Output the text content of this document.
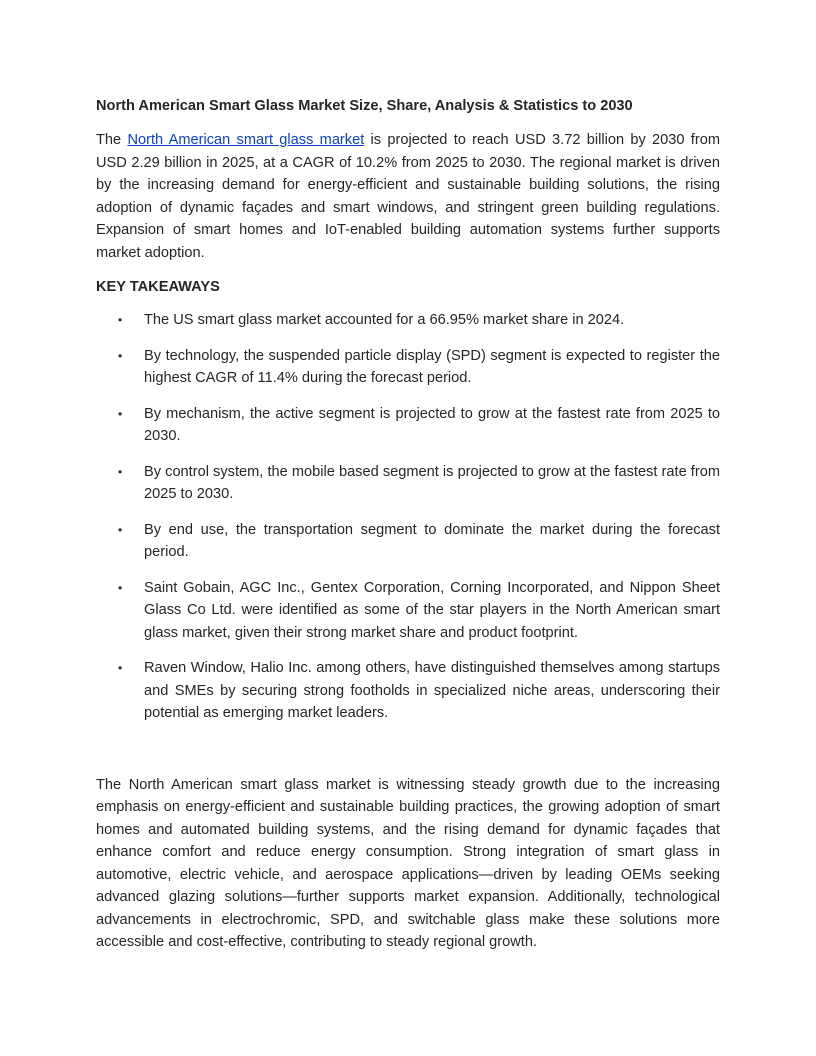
North American Smart Glass Market Size, Share, Analysis & Statistics to 2030

The North American smart glass market is projected to reach USD 3.72 billion by 2030 from USD 2.29 billion in 2025, at a CAGR of 10.2% from 2025 to 2030. The regional market is driven by the increasing demand for energy-efficient and sustainable building solutions, the rising adoption of dynamic façades and smart windows, and stringent green building regulations. Expansion of smart homes and IoT-enabled building automation systems further supports market adoption.

KEY TAKEAWAYS
• The US smart glass market accounted for a 66.95% market share in 2024.
• By technology, the suspended particle display (SPD) segment is expected to register the highest CAGR of 11.4% during the forecast period.
• By mechanism, the active segment is projected to grow at the fastest rate from 2025 to 2030.
• By control system, the mobile based segment is projected to grow at the fastest rate from 2025 to 2030.
• By end use, the transportation segment to dominate the market during the forecast period.
• Saint Gobain, AGC Inc., Gentex Corporation, Corning Incorporated, and Nippon Sheet Glass Co Ltd. were identified as some of the star players in the North American smart glass market, given their strong market share and product footprint.
• Raven Window, Halio Inc. among others, have distinguished themselves among startups and SMEs by securing strong footholds in specialized niche areas, underscoring their potential as emerging market leaders.

The North American smart glass market is witnessing steady growth due to the increasing emphasis on energy-efficient and sustainable building practices, the growing adoption of smart homes and automated building systems, and the rising demand for dynamic façades that enhance comfort and reduce energy consumption. Strong integration of smart glass in automotive, electric vehicle, and aerospace applications—driven by leading OEMs seeking advanced glazing solutions—further supports market expansion. Additionally, technological advancements in electrochromic, SPD, and switchable glass make these solutions more accessible and cost-effective, contributing to steady regional growth.
